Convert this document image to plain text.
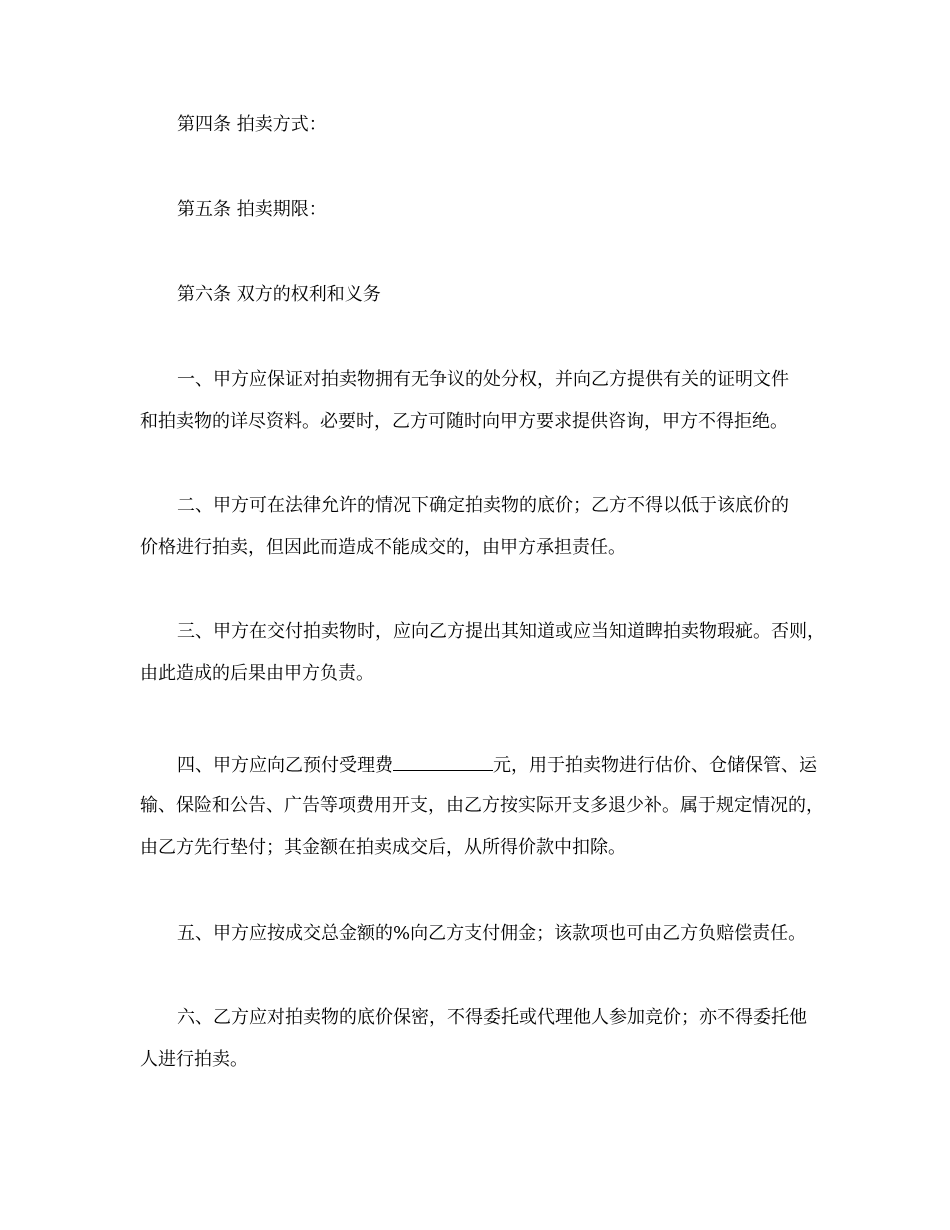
第四条 拍卖方式：
第五条 拍卖期限：
第六条 双方的权利和义务
一、甲方应保证对拍卖物拥有无争议的处分权，并向乙方提供有关的证明文件
和拍卖物的详尽资料。必要时，乙方可随时向甲方要求提供咨询，甲方不得拒绝。
二、甲方可在法律允许的情况下确定拍卖物的底价；乙方不得以低于该底价的
价格进行拍卖，但因此而造成不能成交的，由甲方承担责任。
三、甲方在交付拍卖物时，应向乙方提出其知道或应当知道睥拍卖物瑕疵。否则，
由此造成的后果由甲方负责。
四、甲方应向乙预付受理费	元，用于拍卖物进行估价、仓储保管、运
输、保险和公告、广告等项费用开支，由乙方按实际开支多退少补。属于规定情况的，
由乙方先行垫付；其金额在拍卖成交后，从所得价款中扣除。
五、甲方应按成交总金额的%向乙方支付佣金；该款项也可由乙方负赔偿责任。
六、乙方应对拍卖物的底价保密，不得委托或代理他人参加竞价；亦不得委托他
人进行拍卖。
